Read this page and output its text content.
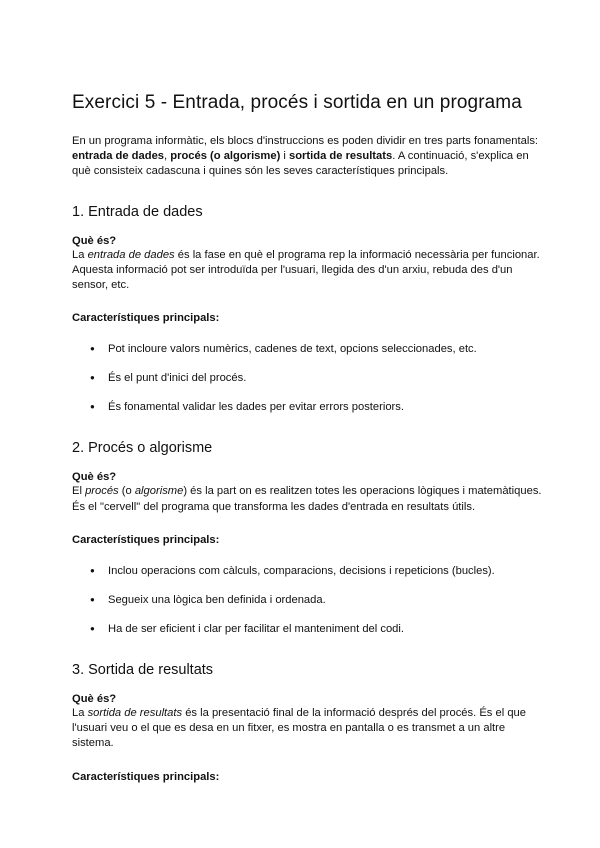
Exercici 5 - Entrada, procés i sortida en un programa

En un programa informàtic, els blocs d'instruccions es poden dividir en tres parts fonamentals: entrada de dades, procés (o algorisme) i sortida de resultats. A continuació, s'explica en què consisteix cadascuna i quines són les seves característiques principals.

1. Entrada de dades

Què és?

La entrada de dades és la fase en què el programa rep la informació necessària per funcionar. Aquesta informació pot ser introduïda per l'usuari, llegida des d'un arxiu, rebuda des d'un sensor, etc.

Característiques principals:

● Pot incloure valors numèrics, cadenes de text, opcions seleccionades, etc.
● És el punt d'inici del procés.
● És fonamental validar les dades per evitar errors posteriors.
2. Procés o algorisme

Què és?

El procés (o algorisme) és la part on es realitzen totes les operacions lògiques i matemàtiques. És el "cervell" del programa que transforma les dades d'entrada en resultats útils.

Característiques principals:

● Inclou operacions com càlculs, comparacions, decisions i repeticions (bucles).
● Segueix una lògica ben definida i ordenada.
● Ha de ser eficient i clar per facilitar el manteniment del codi.
3. Sortida de resultats

Què és?

La sortida de resultats és la presentació final de la informació després del procés. És el que l'usuari veu o el que es desa en un fitxer, es mostra en pantalla o es transmet a un altre sistema.

Característiques principals:
